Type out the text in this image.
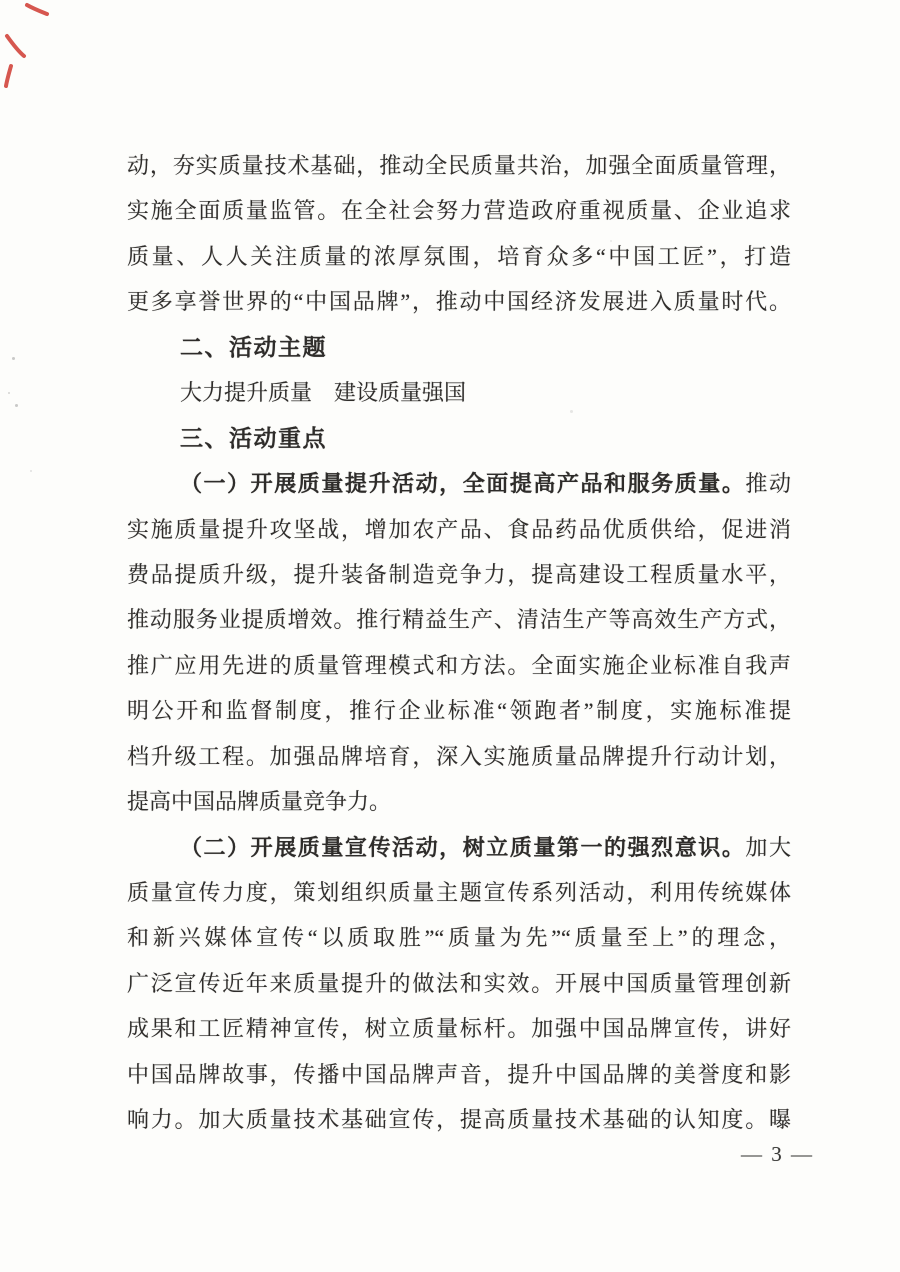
动，夯实质量技术基础，推动全民质量共治，加强全面质量管理，
实施全面质量监管。在全社会努力营造政府重视质量、企业追求
质量、人人关注质量的浓厚氛围，培育众多“中国工匠”，打造
更多享誉世界的“中国品牌”，推动中国经济发展进入质量时代。
二、活动主题
大力提升质量　建设质量强国
三、活动重点
（一）开展质量提升活动，全面提高产品和服务质量。推动
实施质量提升攻坚战，增加农产品、食品药品优质供给，促进消
费品提质升级，提升装备制造竞争力，提高建设工程质量水平，
推动服务业提质增效。推行精益生产、清洁生产等高效生产方式，
推广应用先进的质量管理模式和方法。全面实施企业标准自我声
明公开和监督制度，推行企业标准“领跑者”制度，实施标准提
档升级工程。加强品牌培育，深入实施质量品牌提升行动计划，
提高中国品牌质量竞争力。
（二）开展质量宣传活动，树立质量第一的强烈意识。加大
质量宣传力度，策划组织质量主题宣传系列活动，利用传统媒体
和新兴媒体宣传“以质取胜”“质量为先”“质量至上”的理念，
广泛宣传近年来质量提升的做法和实效。开展中国质量管理创新
成果和工匠精神宣传，树立质量标杆。加强中国品牌宣传，讲好
中国品牌故事，传播中国品牌声音，提升中国品牌的美誉度和影
响力。加大质量技术基础宣传，提高质量技术基础的认知度。曝
— 3 —
